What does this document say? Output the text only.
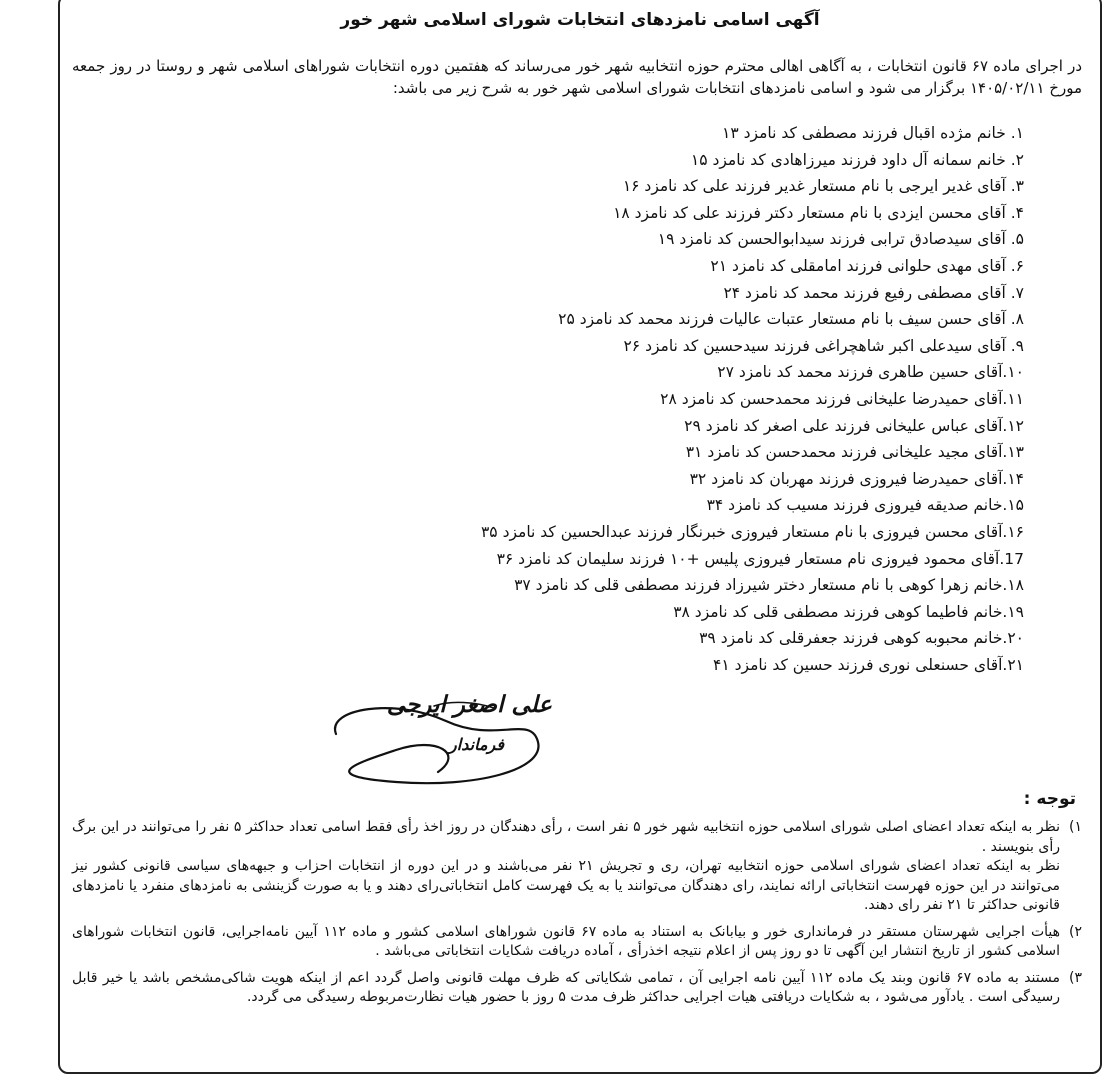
آگهی اسامی نامزدهای انتخابات شورای اسلامی شهر خور
در اجرای ماده ۶۷ قانون انتخابات ، به آگاهی اهالی محترم حوزه انتخابیه شهر خور می‌رساند که هفتمین دوره انتخابات شوراهای اسلامی شهر و روستا در روز جمعه مورخ ۱۴۰۵/۰۲/۱۱ برگزار می شود و اسامی نامزدهای انتخابات شورای اسلامی شهر خور به شرح زیر می باشد:
۱. خانم مژده اقبال فرزند مصطفی کد نامزد ۱۳
۲. خانم سمانه آل داود فرزند میرزاهادی کد نامزد ۱۵
۳. آقای غدیر ایرجی با نام مستعار غدیر فرزند علی کد نامزد ۱۶
۴. آقای محسن ایزدی با نام مستعار دکتر فرزند علی کد نامزد ۱۸
۵. آقای سیدصادق ترابی فرزند سیدابوالحسن کد نامزد ۱۹
۶. آقای مهدی حلوانی فرزند امامقلی کد نامزد ۲۱
۷. آقای مصطفی رفیع فرزند محمد کد نامزد ۲۴
۸. آقای حسن سیف با نام مستعار عتبات عالیات فرزند محمد کد نامزد ۲۵
۹. آقای سیدعلی اکبر شاهچراغی فرزند سیدحسین کد نامزد ۲۶
۱۰.آقای حسین طاهری فرزند محمد کد نامزد ۲۷
۱۱.آقای حمیدرضا علیخانی فرزند محمدحسن کد نامزد ۲۸
۱۲.آقای عباس علیخانی فرزند علی اصغر کد نامزد ۲۹
۱۳.آقای مجید علیخانی فرزند محمدحسن کد نامزد ۳۱
۱۴.آقای حمیدرضا فیروزی فرزند مهربان کد نامزد ۳۲
۱۵.خانم صدیقه فیروزی فرزند مسیب کد نامزد ۳۴
۱۶.آقای محسن فیروزی با نام مستعار فیروزی خبرنگار فرزند عبدالحسین کد نامزد ۳۵
17.آقای محمود فیروزی نام مستعار فیروزی پلیس +۱۰ فرزند سلیمان کد نامزد ۳۶
۱۸.خانم زهرا کوهی با نام مستعار دختر شیرزاد فرزند مصطفی قلی کد نامزد ۳۷
۱۹.خانم فاطیما کوهی فرزند مصطفی قلی کد نامزد ۳۸
۲۰.خانم محبوبه کوهی فرزند جعفرقلی کد نامزد ۳۹
۲۱.آقای حسنعلی نوری فرزند حسین کد نامزد ۴۱
علی اصغر ایرجی
فرماندار
توجه :
۱)

نظر به اینکه تعداد اعضای اصلی شورای اسلامی حوزه انتخابیه شهر خور ۵ نفر است ، رأی دهندگان در روز اخذ رأی فقط اسامی تعداد حداکثر ۵ نفر را می‌توانند در این برگ رأی بنویسند .

نظر به اینکه تعداد اعضای شورای اسلامی حوزه انتخابیه تهران، ری و تجریش ۲۱ نفر می‌باشند و در این دوره از انتخابات احزاب و جبهه‌های سیاسی قانونی کشور نیز می‌توانند در این حوزه فهرست انتخاباتی ارائه نمایند، رای دهندگان می‌توانند یا به یک فهرست کامل انتخاباتی‌رای دهند و یا به صورت گزینشی به نامزدهای منفرد یا نامزدهای قانونی حداکثر تا ۲۱ نفر رای دهند.

۲)

هیأت اجرایی شهرستان مستقر در فرمانداری خور و بیابانک به استناد به ماده ۶۷ قانون شوراهای اسلامی کشور و ماده ۱۱۲ آیین نامه‌اجرایی، قانون انتخابات شوراهای اسلامی کشور از تاریخ انتشار این آگهی تا دو روز پس از اعلام نتیجه اخذرأی ، آماده دریافت شکایات انتخاباتی می‌باشد .

۳)

مستند به ماده ۶۷ قانون وبند یک ماده ۱۱۲ آیین نامه اجرایی آن ، تمامی شکایاتی که ظرف مهلت قانونی واصل گردد اعم از اینکه هویت شاکی‌مشخص باشد یا خیر قابل رسیدگی است . یادآور می‌شود ، به شکایات دریافتی هیات اجرایی حداکثر ظرف مدت ۵ روز با حضور هیات نظارت‌مربوطه رسیدگی می گردد.
